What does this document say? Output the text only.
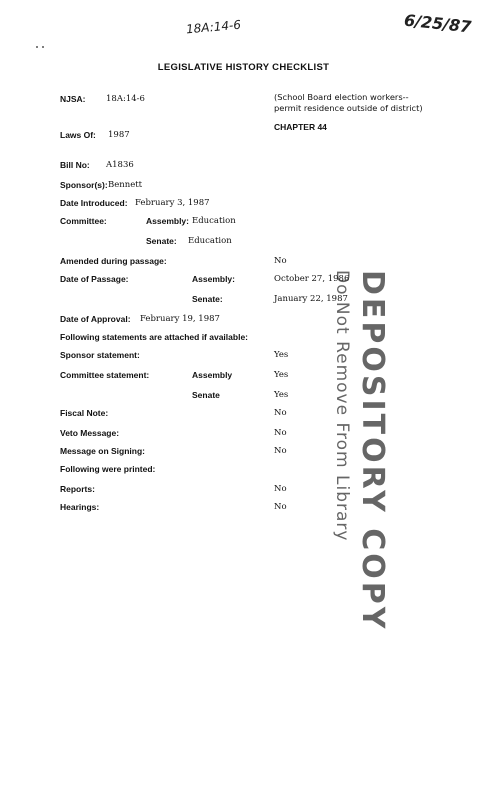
18A:14-6	6/25/87
LEGISLATIVE HISTORY CHECKLIST
NJSA: 18A:14-6	(School Board election workers--
permit residence outside of district)
CHAPTER 44
Laws Of: 1987
Bill No: A1836
Sponsor(s): Bennett
Date Introduced: February 3, 1987
Committee:	Assembly: Education
Senate: Education
Amended during passage:	No
Date of Passage:	Assembly:	October 27, 1986
Senate:	January 22, 1987
Date of Approval: February 19, 1987
Following statements are attached if available:
Sponsor statement:	Yes
Committee statement:	Assembly	Yes
Senate	Yes
Fiscal Note:	No
Veto Message:	No
Message on Signing:	No
Following were printed:
Reports:	No
Hearings:	No DEPOSITORY COPY
Do Not Remove From Library
